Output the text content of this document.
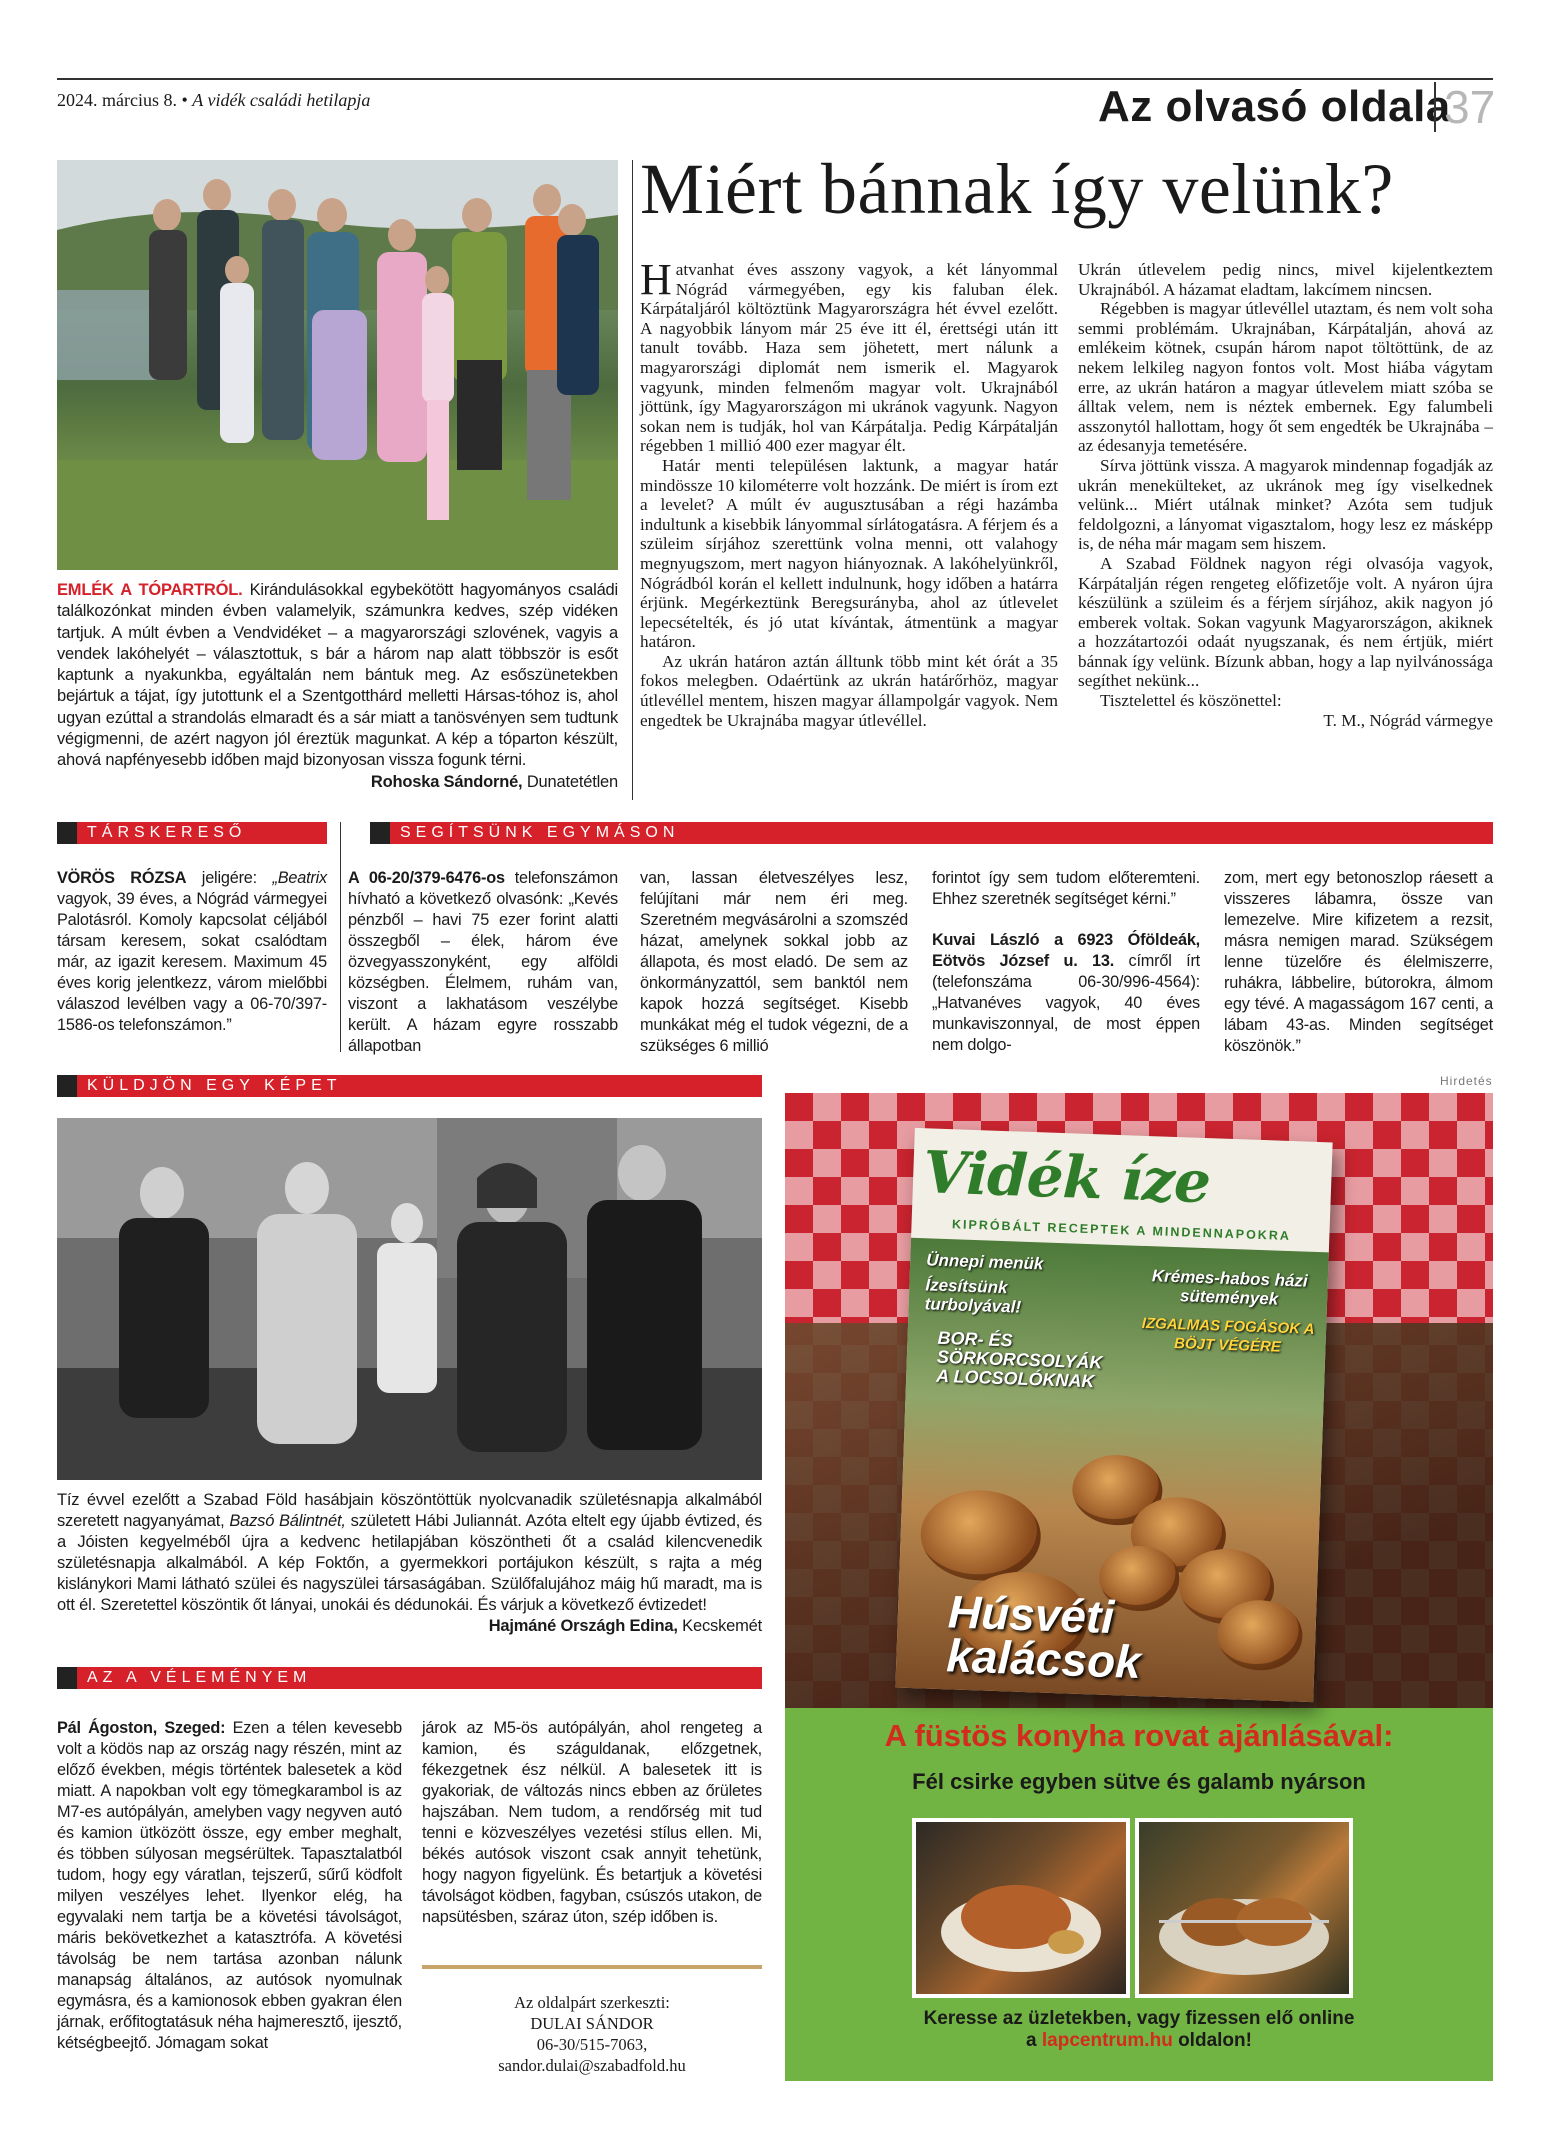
2024. március 8. • A vidék családi hetilapja	Az olvasó oldala
37

EMLÉK A TÓPARTRÓL. Kirándulásokkal egybekötött hagyományos családi találkozónkat minden évben valamelyik, számunkra kedves, szép vidéken tartjuk. A múlt évben a Vendvidéket – a magyarországi szlovének, vagyis a vendek lakóhelyét – választottuk, s bár a három nap alatt többször is esőt kaptunk a nyakunkba, egyáltalán nem bántuk meg. Az esőszünetekben bejártuk a tájat, így jutottunk el a Szentgotthárd melletti Hársas-tóhoz is, ahol ugyan ezúttal a strandolás elmaradt és a sár miatt a tanösvényen sem tudtunk végigmenni, de azért nagyon jól éreztük magunkat. A kép a tóparton készült, ahová napfényesebb időben majd bizonyosan vissza fogunk térni.

Rohoska Sándorné, Dunatetétlen

Miért bánnak így velünk?

Hatvanhat éves asszony vagyok, a két lányommal Nógrád vármegyében, egy kis faluban élek. Kárpátaljáról költöztünk Magyarországra hét évvel ezelőtt. A nagyobbik lányom már 25 éve itt él, érettségi után itt tanult tovább. Haza sem jöhetett, mert nálunk a magyarországi diplomát nem ismerik el. Magyarok vagyunk, minden felmenőm magyar volt. Ukrajnából jöttünk, így Magyarországon mi ukránok vagyunk. Nagyon sokan nem is tudják, hol van Kárpátalja. Pedig Kárpátalján régebben 1 millió 400 ezer magyar élt.

Határ menti településen laktunk, a magyar határ mindössze 10 kilométerre volt hozzánk. De miért is írom ezt a levelet? A múlt év augusztusában a régi hazámba indultunk a kisebbik lányommal sírlátogatásra. A férjem és a szüleim sírjához szerettünk volna menni, ott valahogy megnyugszom, mert nagyon hiányoznak. A lakóhelyünkről, Nógrádból korán el kellett indulnunk, hogy időben a határra érjünk. Megérkeztünk Beregsurányba, ahol az útlevelet lepecsételték, és jó utat kívántak, átmentünk a magyar határon.

Az ukrán határon aztán álltunk több mint két órát a 35 fokos melegben. Odaértünk az ukrán határőrhöz, magyar útlevéllel mentem, hiszen magyar állampolgár vagyok. Nem engedtek be Ukrajnába magyar útlevéllel.

Ukrán útlevelem pedig nincs, mivel kijelentkeztem Ukrajnából. A házamat eladtam, lakcímem nincsen.

Régebben is magyar útlevéllel utaztam, és nem volt soha semmi problémám. Ukrajnában, Kárpátalján, ahová az emlékeim kötnek, csupán három napot töltöttünk, de az nekem lelkileg nagyon fontos volt. Most hiába vágytam erre, az ukrán határon a magyar útlevelem miatt szóba se álltak velem, nem is néztek embernek. Egy falumbeli asszonytól hallottam, hogy őt sem engedték be Ukrajnába – az édesanyja temetésére.

Sírva jöttünk vissza. A magyarok mindennap fogadják az ukrán menekülteket, az ukránok meg így viselkednek velünk... Miért utálnak minket? Azóta sem tudjuk feldolgozni, a lányomat vigasztalom, hogy lesz ez másképp is, de néha már magam sem hiszem.

A Szabad Földnek nagyon régi olvasója vagyok, Kárpátalján régen rengeteg előfizetője volt. A nyáron újra készülünk a szüleim és a férjem sírjához, akik nagyon jó emberek voltak. Sokan vagyunk Magyarországon, akiknek a hozzátartozói odaát nyugszanak, és nem értjük, miért bánnak így velünk. Bízunk abban, hogy a lap nyilvánossága segíthet nekünk...

Tisztelettel és köszönettel:

T. M., Nógrád vármegye

TÁRSKERESŐ	SEGÍTSÜNK EGYMÁSON

VÖRÖS RÓZSA jeligére: „Beatrix vagyok, 39 éves, a Nógrád vármegyei Palotásról. Komoly kapcsolat céljából társam keresem, sokat csalódtam már, az igazit keresem. Maximum 45 éves korig jelentkezz, várom mielőbbi válaszod levélben vagy a 06-70/397-1586-os telefonszámon.”

A 06-20/379-6476-os telefonszámon hívható a következő olvasónk: „Kevés pénzből – havi 75 ezer forint alatti összegből – élek, három éve özvegyasszonyként, egy alföldi községben. Élelmem, ruhám van, viszont a lakhatásom veszélybe került. A házam egyre rosszabb állapotban

van, lassan életveszélyes lesz, felújítani már nem éri meg. Szeretném megvásárolni a szomszéd házat, amelynek sokkal jobb az állapota, és most eladó. De sem az önkormányzattól, sem banktól nem kapok hozzá segítséget. Kisebb munkákat még el tudok végezni, de a szükséges 6 millió

forintot így sem tudom előteremteni. Ehhez szeretnék segítséget kérni.”

Kuvai László a 6923 Óföldeák, Eötvös József u. 13. címről írt (telefonszáma 06-30/996-4564): „Hatvanéves vagyok, 40 éves munkaviszonnyal, de most éppen nem dolgo-

zom, mert egy betonoszlop ráesett a visszeres lábamra, össze van lemezelve. Mire kifizetem a rezsit, másra nemigen marad. Szükségem lenne tüzelőre és élelmiszerre, ruhákra, lábbelire, bútorokra, álmom egy tévé. A magasságom 167 centi, a lábam 43-as. Minden segítséget köszönök.”

KÜLDJÖN EGY KÉPET

Tíz évvel ezelőtt a Szabad Föld hasábjain köszöntöttük nyolcvanadik születésnapja alkalmából szeretett nagyanyámat, Bazsó Bálintnét, született Hábi Juliannát. Azóta eltelt egy újabb évtized, és a Jóisten kegyelméből újra a kedvenc hetilapjában köszöntheti őt a család kilencvenedik születésnapja alkalmából. A kép Foktőn, a gyermekkori portájukon készült, s rajta a még kislánykori Mami látható szülei és nagyszülei társaságában. Szülőfalujához máig hű maradt, ma is ott él. Szeretettel köszöntik őt lányai, unokái és dédunokái. És várjuk a következő évtizedet!

Hajmáné Országh Edina, Kecskemét

AZ A VÉLEMÉNYEM

Pál Ágoston, Szeged: Ezen a télen kevesebb volt a ködös nap az ország nagy részén, mint az előző években, mégis történtek balesetek a köd miatt. A napokban volt egy tömegkarambol is az M7-es autópályán, amelyben vagy negyven autó és kamion ütközött össze, egy ember meghalt, és többen súlyosan megsérültek. Tapasztalatból tudom, hogy egy váratlan, tejszerű, sűrű ködfolt milyen veszélyes lehet. Ilyenkor elég, ha egyvalaki nem tartja be a követési távolságot, máris bekövetkezhet a katasztrófa. A követési távolság be nem tartása azonban nálunk manapság általános, az autósok nyomulnak egymásra, és a kamionosok ebben gyakran élen járnak, erőfitogtatásuk néha hajmeresztő, ijesztő, kétségbeejtő. Jómagam sokat

járok az M5-ös autópályán, ahol rengeteg a kamion, és száguldanak, előzgetnek, fékezgetnek ész nélkül. A balesetek itt is gyakoriak, de változás nincs ebben az őrületes hajszában. Nem tudom, a rendőrség mit tud tenni e közveszélyes vezetési stílus ellen. Mi, békés autósok viszont csak annyit tehetünk, hogy nagyon figyelünk. És betartjuk a követési távolságot ködben, fagyban, csúszós utakon, de napsütésben, száraz úton, szép időben is.

Az oldalpárt szerkeszti:

DULAI SÁNDOR

06-30/515-7063,

sandor.dulai@szabadfold.hu

Hirdetés
Vidék íze
KIPRÓBÁLT RECEPTEK A MINDENNAPOKRA
Ünnepi menük
Ízesítsünk turbolyával!
BOR- ÉS SÖRKORCSOLYÁK A LOCSOLÓKNAK
Krémes-habos házi sütemények
IZGALMAS FOGÁSOK A BÖJT VÉGÉRE
Húsvéti kalácsok
A füstös konyha rovat ajánlásával:
Fél csirke egyben sütve és galamb nyárson
Keresse az üzletekben, vagy fizessen elő online
a lapcentrum.hu oldalon!
